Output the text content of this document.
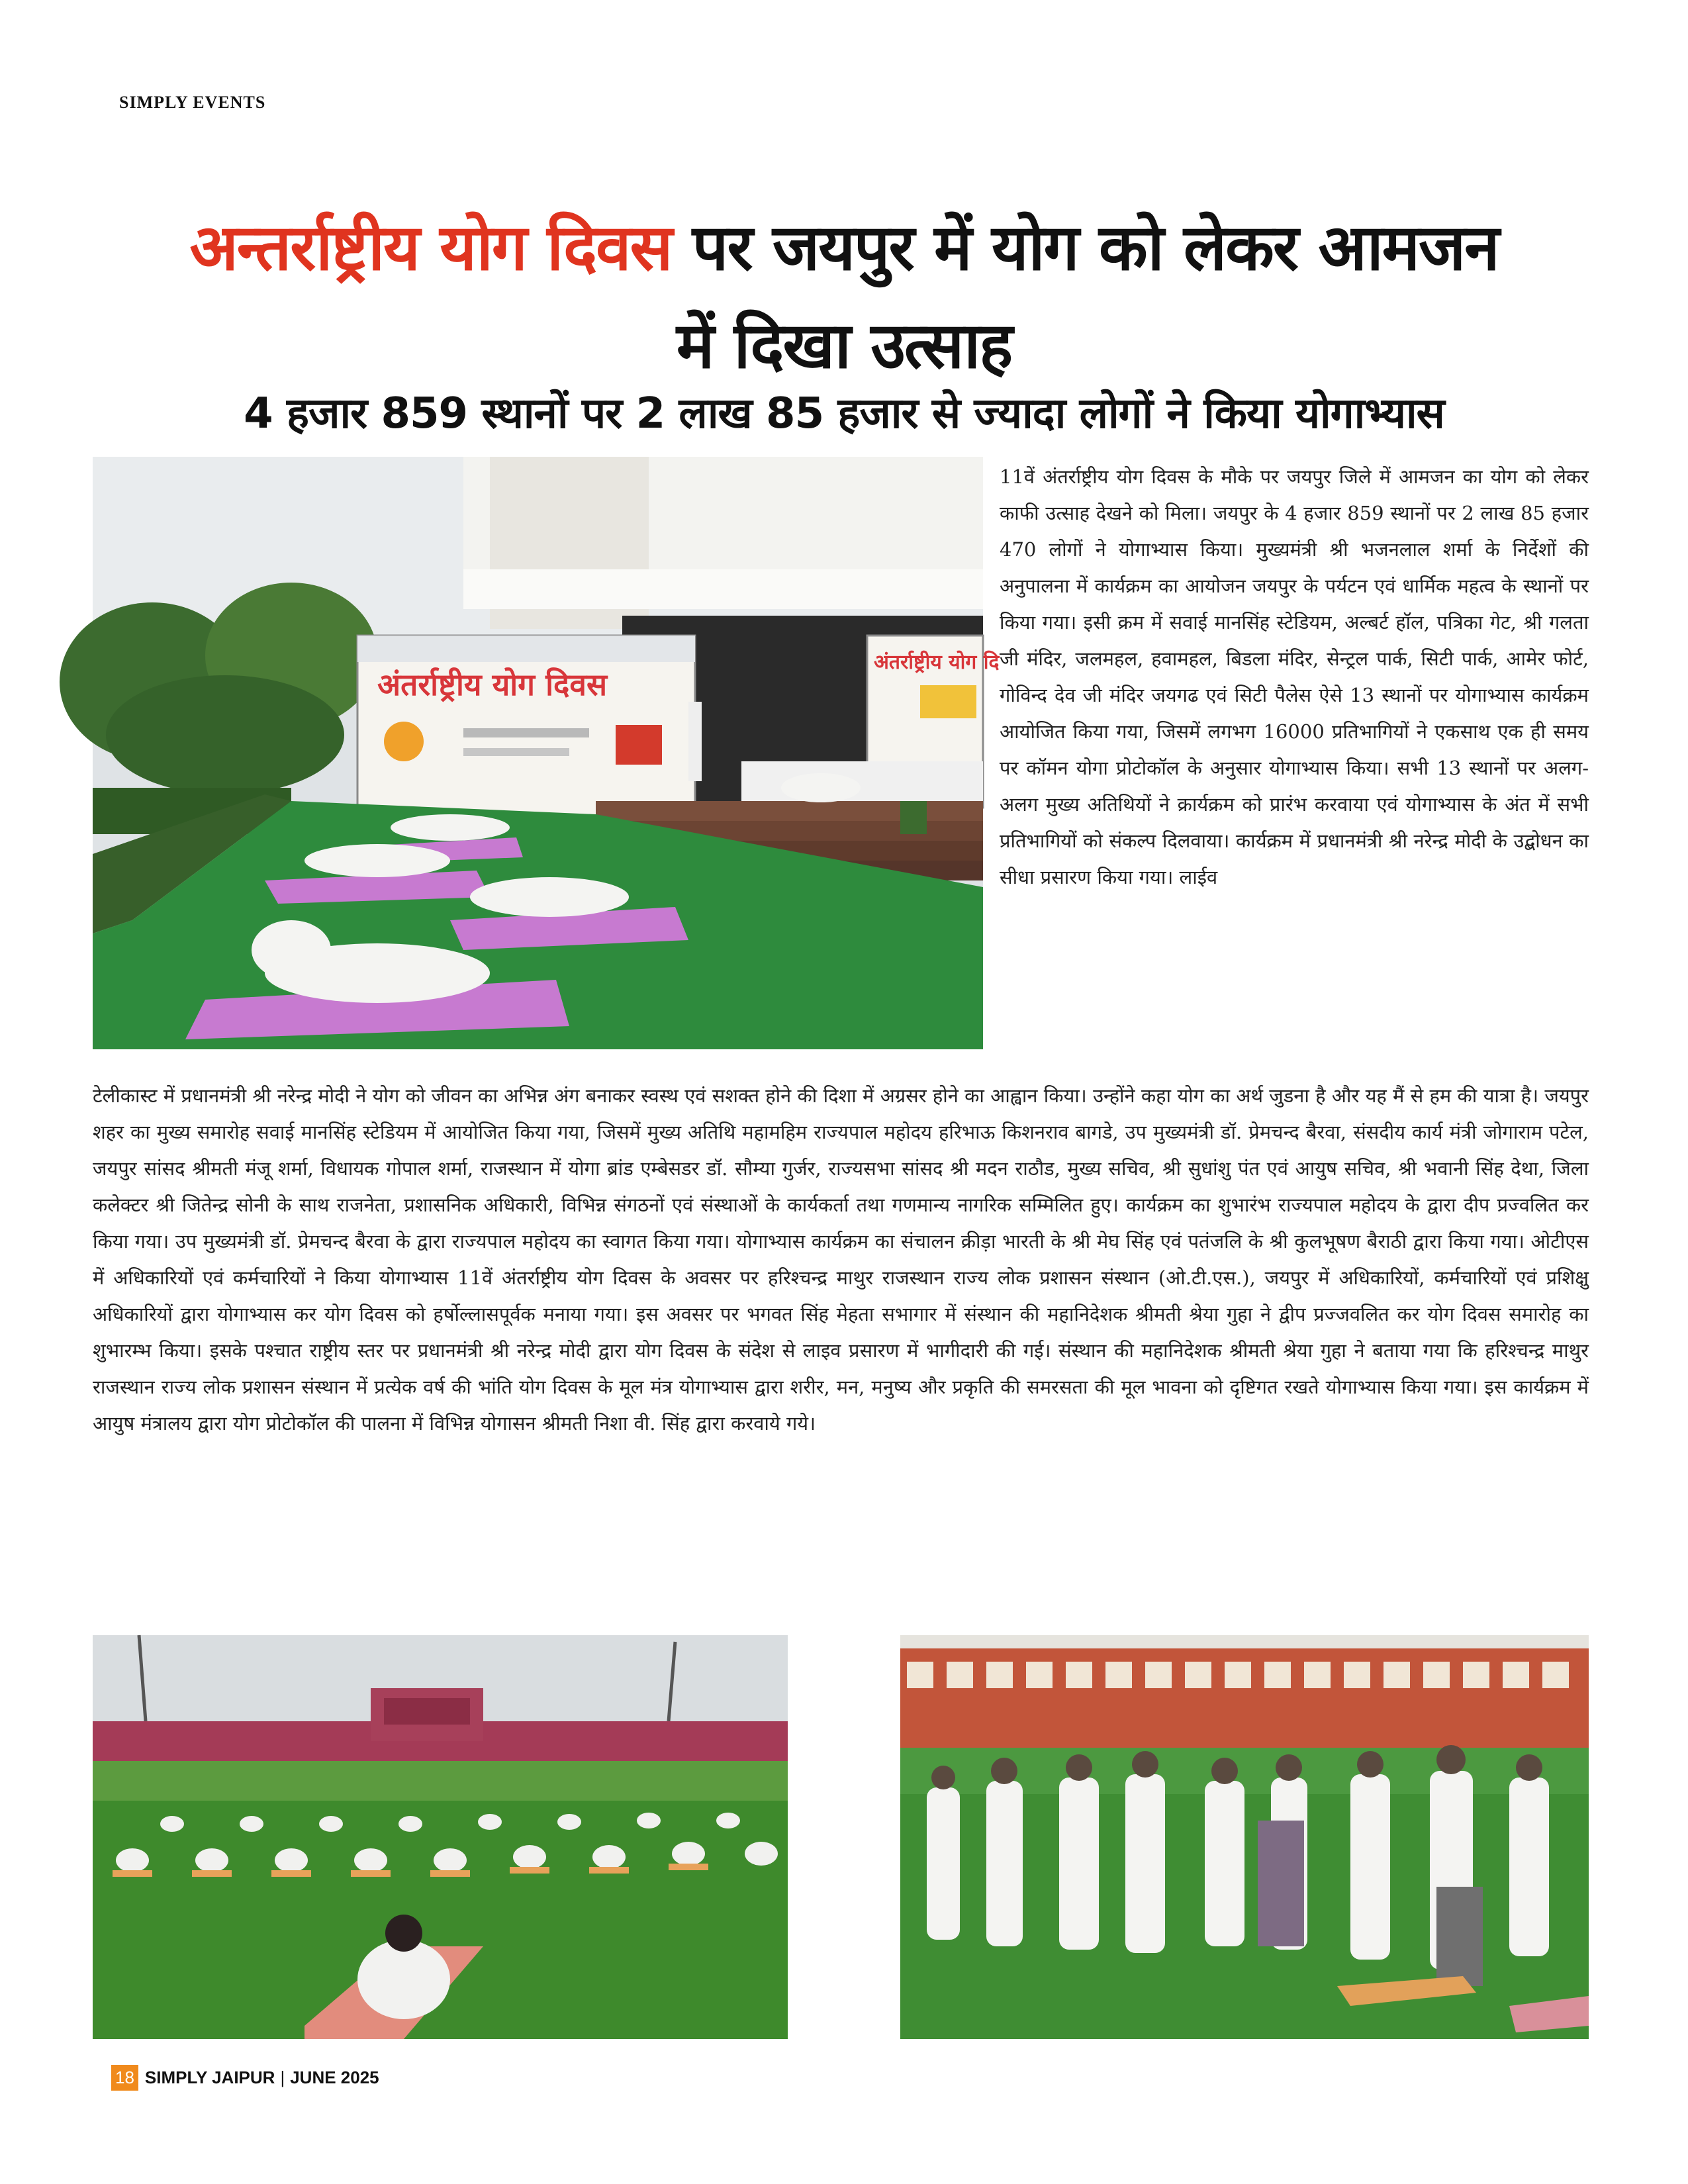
SIMPLY EVENTS
अन्तर्राष्ट्रीय योग दिवस पर जयपुर में योग को लेकर आमजन
में दिखा उत्साह
4 हजार 859 स्थानों पर 2 लाख 85 हजार से ज्यादा लोगों ने किया योगाभ्यास
अंतर्राष्ट्रीय योग दिवस
अंतर्राष्ट्रीय योग दि
11वें अंतर्राष्ट्रीय योग दिवस के मौके पर जयपुर जिले में आमजन का योग को लेकर काफी उत्साह देखने को मिला। जयपुर के 4 हजार 859 स्थानों पर 2 लाख 85 हजार 470 लोगों ने योगाभ्यास किया। मुख्यमंत्री श्री भजनलाल शर्मा के निर्देशों की अनुपालना में कार्यक्रम का आयोजन जयपुर के पर्यटन एवं धार्मिक महत्व के स्थानों पर किया गया। इसी क्रम में सवाई मानसिंह स्टेडियम, अल्बर्ट हॉल, पत्रिका गेट, श्री गलता जी मंदिर, जलमहल, हवामहल, बिडला मंदिर, सेन्ट्रल पार्क, सिटी पार्क, आमेर फोर्ट, गोविन्द देव जी मंदिर जयगढ एवं सिटी पैलेस ऐसे 13 स्थानों पर योगाभ्यास कार्यक्रम आयोजित किया गया, जिसमें लगभग 16000 प्रतिभागियों ने एकसाथ एक ही समय पर कॉमन योगा प्रोटोकॉल के अनुसार योगाभ्यास किया। सभी 13 स्थानों पर अलग-अलग मुख्य अतिथियों ने क्रार्यक्रम को प्रारंभ करवाया एवं योगाभ्यास के अंत में सभी प्रतिभागियों को संकल्प दिलवाया। कार्यक्रम में प्रधानमंत्री श्री नरेन्द्र मोदी के उद्बोधन का सीधा प्रसारण किया गया। लाईव
टेलीकास्ट में प्रधानमंत्री श्री नरेन्द्र मोदी ने योग को जीवन का अभिन्न अंग बनाकर स्वस्थ एवं सशक्त होने की दिशा में अग्रसर होने का आह्वान किया। उन्होंने कहा योग का अर्थ जुडना है और यह मैं से हम की यात्रा है। जयपुर शहर का मुख्य समारोह सवाई मानसिंह स्टेडियम में आयोजित किया गया, जिसमें मुख्य अतिथि महामहिम राज्यपाल महोदय हरिभाऊ किशनराव बागडे, उप मुख्यमंत्री डॉ. प्रेमचन्द बैरवा, संसदीय कार्य मंत्री जोगाराम पटेल, जयपुर सांसद श्रीमती मंजू शर्मा, विधायक गोपाल शर्मा, राजस्थान में योगा ब्रांड एम्बेसडर डॉ. सौम्या गुर्जर, राज्यसभा सांसद श्री मदन राठौड, मुख्य सचिव, श्री सुधांशु पंत एवं आयुष सचिव, श्री भवानी सिंह देथा, जिला कलेक्टर श्री जितेन्द्र सोनी के साथ राजनेता, प्रशासनिक अधिकारी, विभिन्न संगठनों एवं संस्थाओं के कार्यकर्ता तथा गणमान्य नागरिक सम्मिलित हुए। कार्यक्रम का शुभारंभ राज्यपाल महोदय के द्वारा दीप प्रज्वलित कर किया गया। उप मुख्यमंत्री डॉ. प्रेमचन्द बैरवा के द्वारा राज्यपाल महोदय का स्वागत किया गया। योगाभ्यास कार्यक्रम का संचालन क्रीड़ा भारती के श्री मेघ सिंह एवं पतंजलि के श्री कुलभूषण बैराठी द्वारा किया गया। ओटीएस में अधिकारियों एवं कर्मचारियों ने किया योगाभ्यास 11वें अंतर्राष्ट्रीय योग दिवस के अवसर पर हरिश्चन्द्र माथुर राजस्थान राज्य लोक प्रशासन संस्थान (ओ.टी.एस.), जयपुर में अधिकारियों, कर्मचारियों एवं प्रशिक्षु अधिकारियों द्वारा योगाभ्यास कर योग दिवस को हर्षोल्लासपूर्वक मनाया गया। इस अवसर पर भगवत सिंह मेहता सभागार में संस्थान की महानिदेशक श्रीमती श्रेया गुहा ने द्वीप प्रज्जवलित कर योग दिवस समारोह का शुभारम्भ किया। इसके पश्चात राष्ट्रीय स्तर पर प्रधानमंत्री श्री नरेन्द्र मोदी द्वारा योग दिवस के संदेश से लाइव प्रसारण में भागीदारी की गई। संस्थान की महानिदेशक श्रीमती श्रेया गुहा ने बताया गया कि हरिश्चन्द्र माथुर राजस्थान राज्य लोक प्रशासन संस्थान में प्रत्येक वर्ष की भांति योग दिवस के मूल मंत्र योगाभ्यास द्वारा शरीर, मन, मनुष्य और प्रकृति की समरसता की मूल भावना को दृष्टिगत रखते योगाभ्यास किया गया। इस कार्यक्रम में आयुष मंत्रालय द्वारा योग प्रोटोकॉल की पालना में विभिन्न योगासन श्रीमती निशा वी. सिंह द्वारा करवाये गये।
18 SIMPLY JAIPUR | JUNE 2025
